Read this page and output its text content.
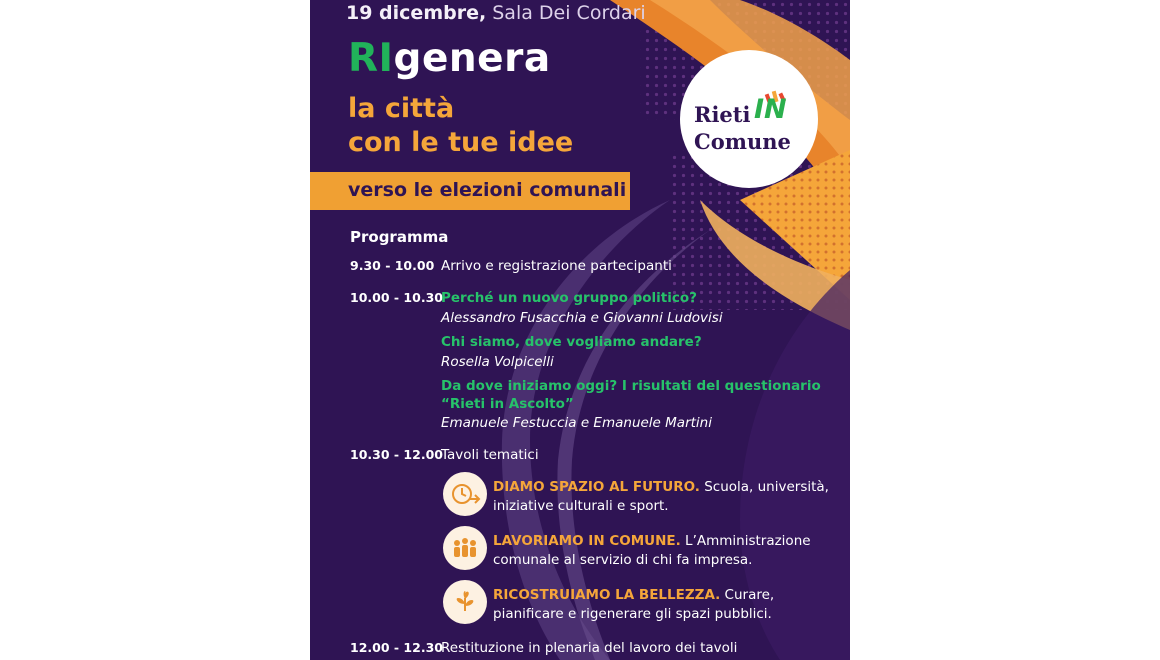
19 dicembre, Sala Dei Cordari
RIgenera
la città
con le tue idee
verso le elezioni comunali
Rieti IN
Comune
Programma
9.30 - 10.00 Arrivo e registrazione partecipanti
10.00 - 10.30
Perché un nuovo gruppo politico?
Alessandro Fusacchia e Giovanni Ludovisi
Chi siamo, dove vogliamo andare?
Rosella Volpicelli
Da dove iniziamo oggi? I risultati del questionario
“Rieti in Ascolto”
Emanuele Festuccia e Emanuele Martini
10.30 - 12.00
Tavoli tematici
DIAMO SPAZIO AL FUTURO. Scuola, università, iniziative culturali e sport.
LAVORIAMO IN COMUNE. L’Amministrazione comunale al servizio di chi fa impresa.
RICOSTRUIAMO LA BELLEZZA. Curare, pianificare e rigenerare gli spazi pubblici.
12.00 - 12.30
Restituzione in plenaria del lavoro dei tavoli
